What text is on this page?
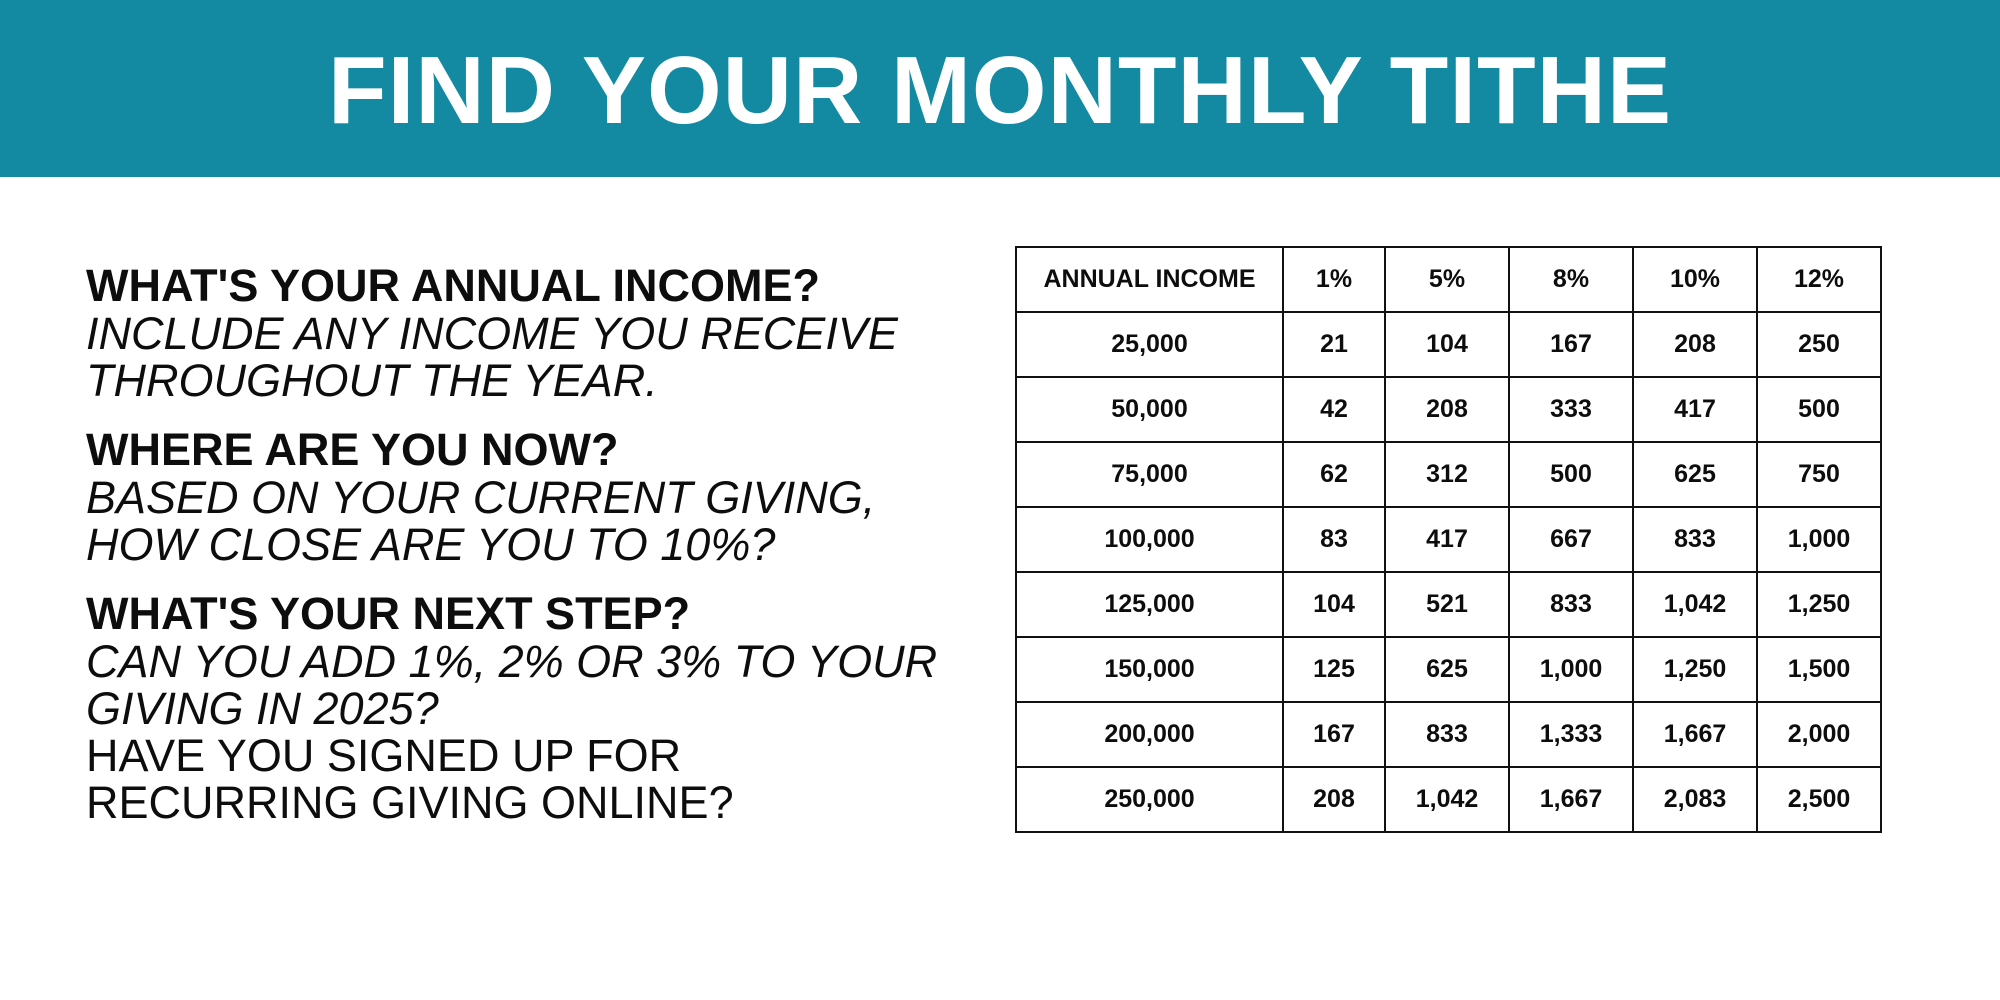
FIND YOUR MONTHLY TITHE

WHAT'S YOUR ANNUAL INCOME?

INCLUDE ANY INCOME YOU RECEIVE
THROUGHOUT THE YEAR.

WHERE ARE YOU NOW?

BASED ON YOUR CURRENT GIVING,
HOW CLOSE ARE YOU TO 10%?

WHAT'S YOUR NEXT STEP?

CAN YOU ADD 1%, 2% OR 3% TO YOUR
GIVING IN 2025?

HAVE YOU SIGNED UP FOR
RECURRING GIVING ONLINE?

ANNUAL INCOME	1%	5%	8%	10%	12%
25,000	21	104	167	208	250
50,000	42	208	333	417	500
75,000	62	312	500	625	750
100,000	83	417	667	833	1,000
125,000	104	521	833	1,042	1,250
150,000	125	625	1,000	1,250	1,500
200,000	167	833	1,333	1,667	2,000
250,000	208	1,042	1,667	2,083	2,500
